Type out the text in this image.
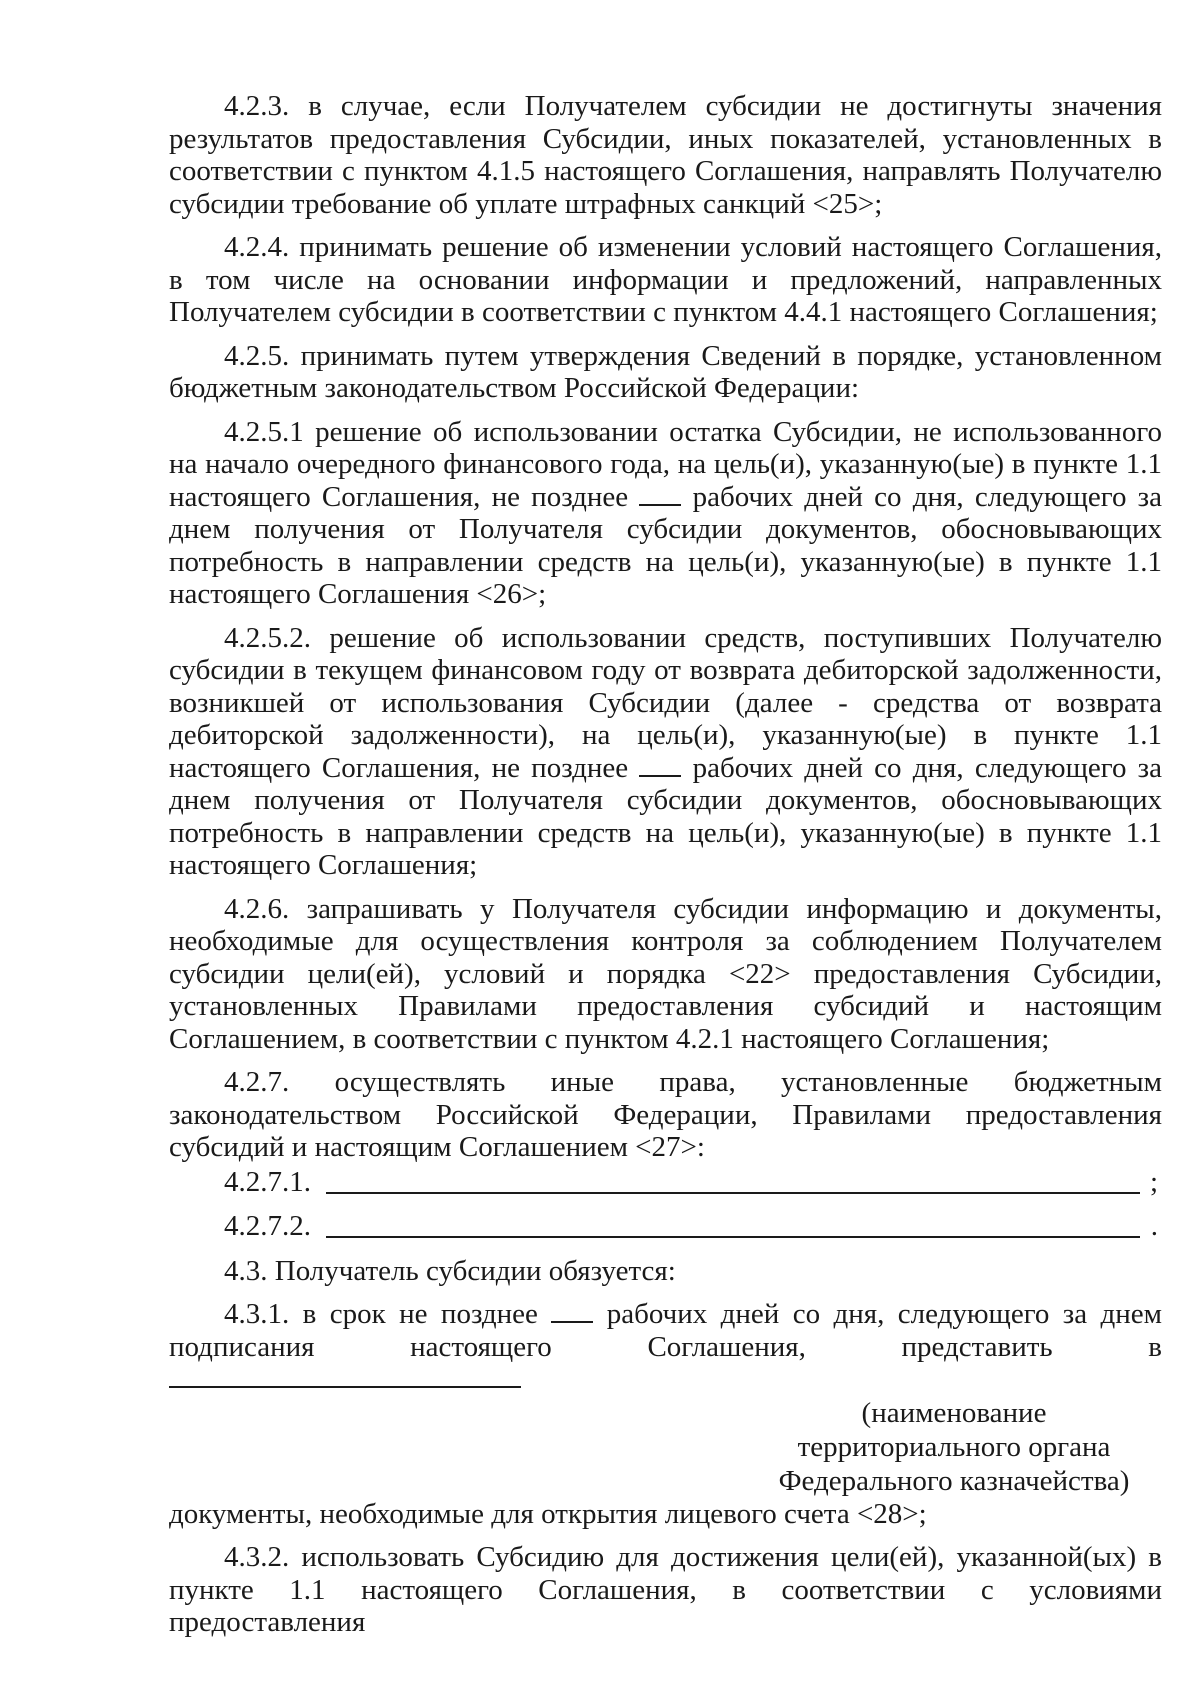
4.2.3. в случае, если Получателем субсидии не достигнуты значения результатов предоставления Субсидии, иных показателей, установленных в соответствии с пунктом 4.1.5 настоящего Соглашения, направлять Получателю субсидии требование об уплате штрафных санкций <25>;

4.2.4. принимать решение об изменении условий настоящего Соглашения, в том числе на основании информации и предложений, направленных Получателем субсидии в соответствии с пунктом 4.4.1 настоящего Соглашения;

4.2.5. принимать путем утверждения Сведений в порядке, установленном бюджетным законодательством Российской Федерации:

4.2.5.1 решение об использовании остатка Субсидии, не использованного на начало очередного финансового года, на цель(и), указанную(ые) в пункте 1.1 настоящего Соглашения, не позднее рабочих дней со дня, следующего за днем получения от Получателя субсидии документов, обосновывающих потребность в направлении средств на цель(и), указанную(ые) в пункте 1.1 настоящего Соглашения <26>;

4.2.5.2. решение об использовании средств, поступивших Получателю субсидии в текущем финансовом году от возврата дебиторской задолженности, возникшей от использования Субсидии (далее - средства от возврата дебиторской задолженности), на цель(и), указанную(ые) в пункте 1.1 настоящего Соглашения, не позднее рабочих дней со дня, следующего за днем получения от Получателя субсидии документов, обосновывающих потребность в направлении средств на цель(и), указанную(ые) в пункте 1.1 настоящего Соглашения;

4.2.6. запрашивать у Получателя субсидии информацию и документы, необходимые для осуществления контроля за соблюдением Получателем субсидии цели(ей), условий и порядка <22> предоставления Субсидии, установленных Правилами предоставления субсидий и настоящим Соглашением, в соответствии с пунктом 4.2.1 настоящего Соглашения;

4.2.7. осуществлять иные права, установленные бюджетным законодательством Российской Федерации, Правилами предоставления субсидий и настоящим Соглашением <27>:

4.2.7.1.	;
4.2.7.2.	.

4.3. Получатель субсидии обязуется:

4.3.1. в срок не позднее рабочих дней со дня, следующего за днем подписания настоящего Соглашения, представить в

(наименование
территориального органа
Федерального казначейства)

документы, необходимые для открытия лицевого счета <28>;

4.3.2. использовать Субсидию для достижения цели(ей), указанной(ых) в пункте 1.1 настоящего Соглашения, в соответствии с условиями предоставления
